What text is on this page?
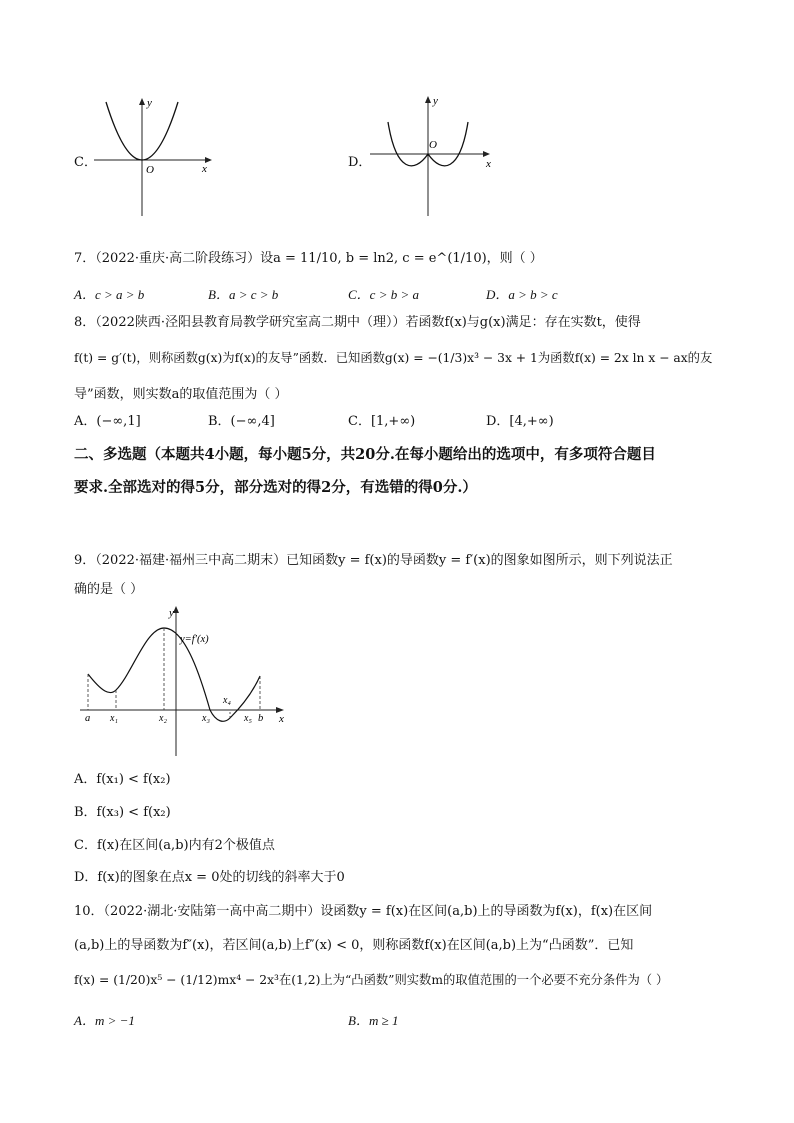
C．
y
x
O	D．
y
x
O
7．（2022·重庆·高二阶段练习）设a = 11/10, b = ln2, c = e^(1/10)，则（ ）
A．c > a > b	B．a > c > b	C．c > b > a	D．a > b > c
8．（2022陕西·泾阳县教育局教学研究室高二期中（理））若函数f(x)与g(x)满足：存在实数t，使得
f(t) = g′(t)，则称函数g(x)为f(x)的友导”函数．已知函数g(x) = −(1/3)x³ − 3x + 1为函数f(x) = 2x ln x − ax的友
导”函数，则实数a的取值范围为（ ）
A．(−∞,1]	B．(−∞,4]	C．[1,+∞)	D．[4,+∞)
二、多选题（本题共4小题，每小题5分，共20分.在每小题给出的选项中，有多项符合题目
要求.全部选对的得5分，部分选对的得2分，有选错的得0分.）
9．（2022·福建·福州三中高二期末）已知函数y = f(x)的导函数y = f′(x)的图象如图所示，则下列说法正
确的是（ ）
y
y=f′(x)
x
a x₁	x₂	x₃
x₄
x₅ b
A．f(x₁) < f(x₂)
B．f(x₃) < f(x₂)
C．f(x)在区间(a,b)内有2个极值点
D．f(x)的图象在点x = 0处的切线的斜率大于0
10．（2022·湖北·安陆第一高中高二期中）设函数y = f(x)在区间(a,b)上的导函数为f(x)，f(x)在区间
(a,b)上的导函数为f″(x)，若区间(a,b)上f″(x) < 0，则称函数f(x)在区间(a,b)上为“凸函数”．已知
f(x) = (1/20)x⁵ − (1/12)mx⁴ − 2x³在(1,2)上为“凸函数”则实数m的取值范围的一个必要不充分条件为（ ）
A．m > −1	B．m ≥ 1
